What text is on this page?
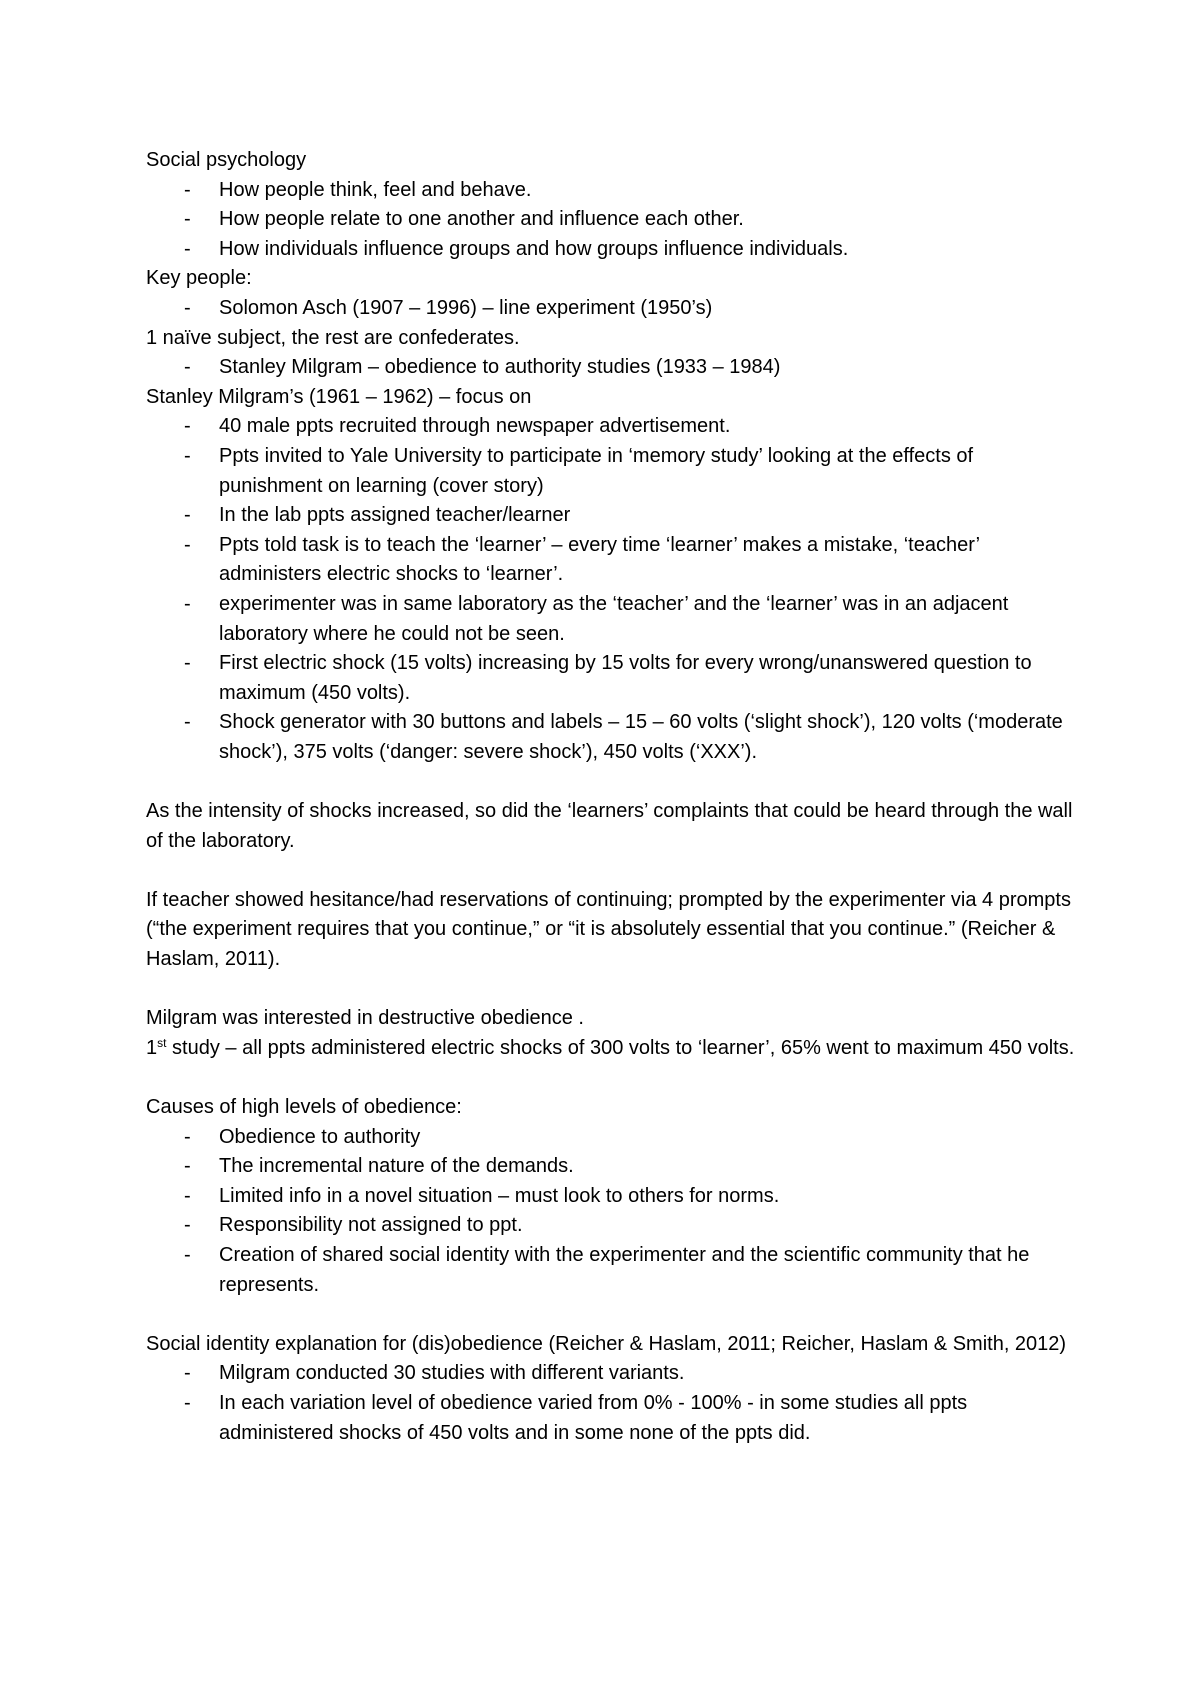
Social psychology

- How people think, feel and behave.
- How people relate to one another and influence each other.
- How individuals influence groups and how groups influence individuals.

Key people:

- Solomon Asch (1907 – 1996) – line experiment (1950’s)

1 naïve subject, the rest are confederates.

- Stanley Milgram – obedience to authority studies (1933 – 1984)

Stanley Milgram’s (1961 – 1962) – focus on

- 40 male ppts recruited through newspaper advertisement.
- Ppts invited to Yale University to participate in ‘memory study’ looking at the effects of punishment on learning (cover story)
- In the lab ppts assigned teacher/learner
- Ppts told task is to teach the ‘learner’ – every time ‘learner’ makes a mistake, ‘teacher’ administers electric shocks to ‘learner’.
- experimenter was in same laboratory as the ‘teacher’ and the ‘learner’ was in an adjacent laboratory where he could not be seen.
- First electric shock (15 volts) increasing by 15 volts for every wrong/unanswered question to maximum (450 volts).
- Shock generator with 30 buttons and labels – 15 – 60 volts (‘slight shock’), 120 volts (‘moderate shock’), 375 volts (‘danger: severe shock’), 450 volts (‘XXX’).

As the intensity of shocks increased, so did the ‘learners’ complaints that could be heard through the wall of the laboratory.

If teacher showed hesitance/had reservations of continuing; prompted by the experimenter via 4 prompts (“the experiment requires that you continue,” or “it is absolutely essential that you continue.” (Reicher & Haslam, 2011).

Milgram was interested in destructive obedience .

1st study – all ppts administered electric shocks of 300 volts to ‘learner’, 65% went to maximum 450 volts.

Causes of high levels of obedience:

- Obedience to authority
- The incremental nature of the demands.
- Limited info in a novel situation – must look to others for norms.
- Responsibility not assigned to ppt.
- Creation of shared social identity with the experimenter and the scientific community that he represents.

Social identity explanation for (dis)obedience (Reicher & Haslam, 2011; Reicher, Haslam & Smith, 2012)

- Milgram conducted 30 studies with different variants.
- In each variation level of obedience varied from 0% - 100% - in some studies all ppts administered shocks of 450 volts and in some none of the ppts did.
